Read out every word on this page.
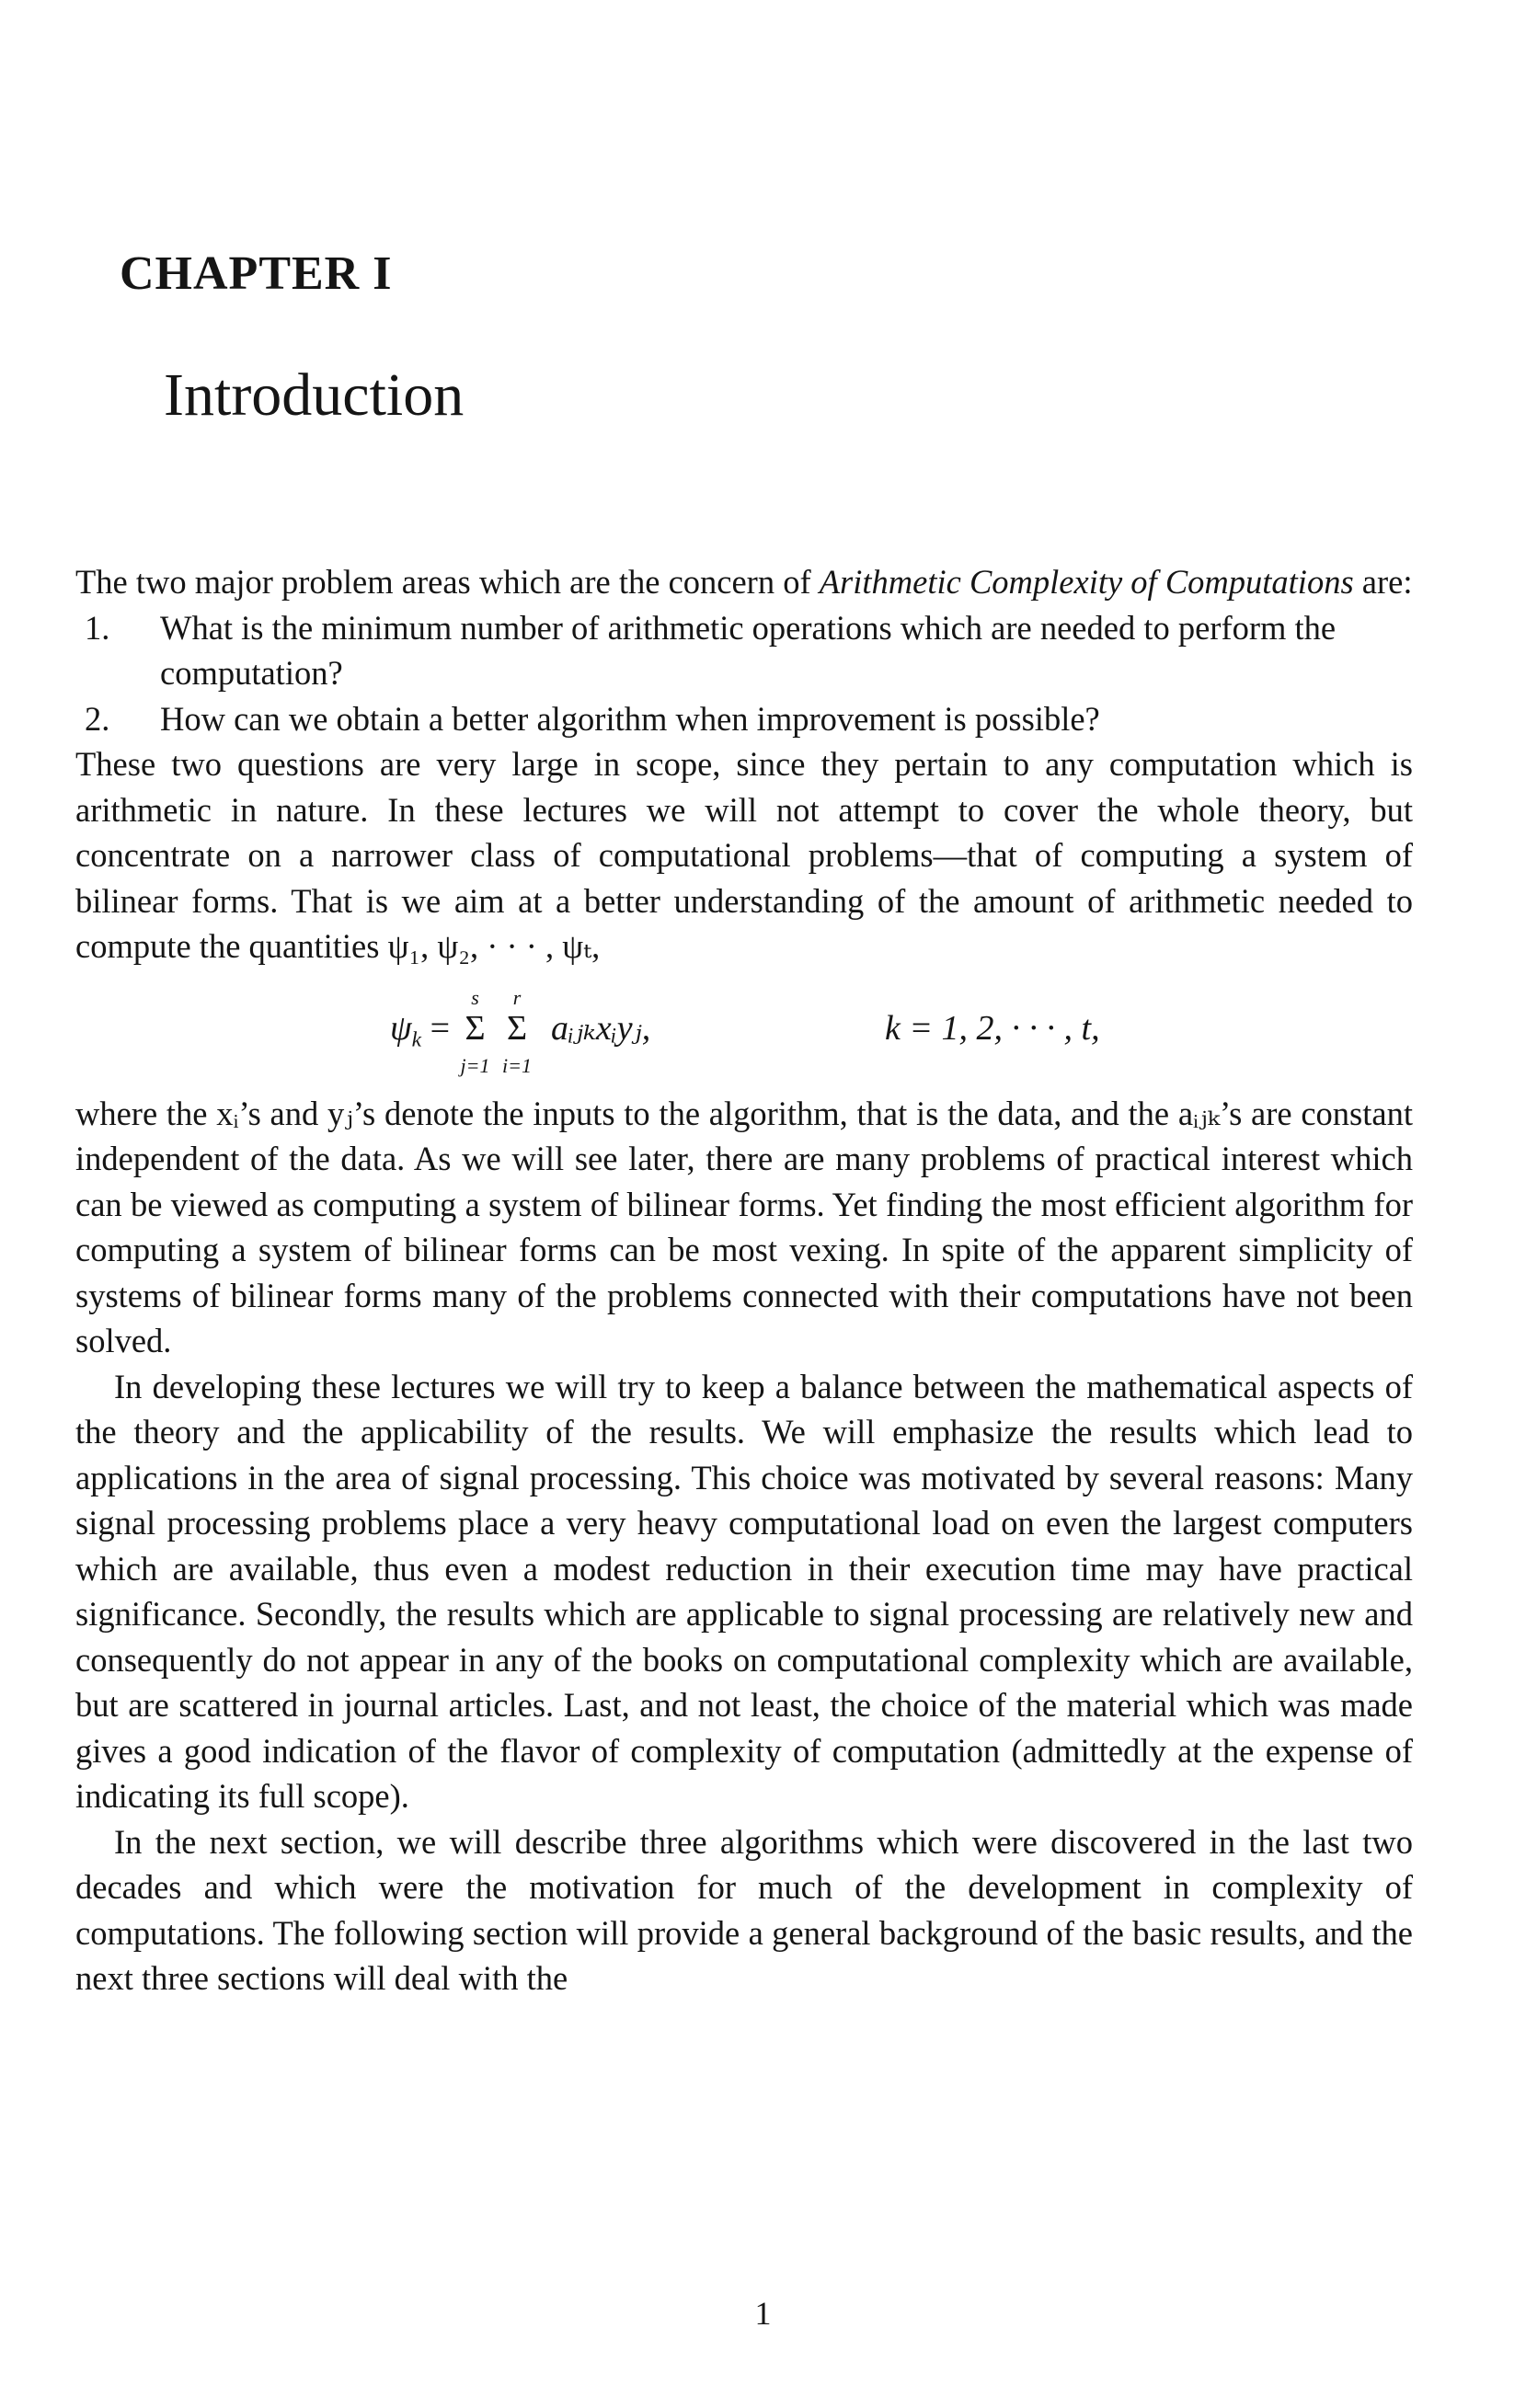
CHAPTER I
Introduction

The two major problem areas which are the concern of Arithmetic Complexity of Computations are:

1.	What is the minimum number of arithmetic operations which are needed to perform the computation?
2.	How can we obtain a better algorithm when improvement is possible?

These two questions are very large in scope, since they pertain to any computation which is arithmetic in nature. In these lectures we will not attempt to cover the whole theory, but concentrate on a narrower class of computational problems—that of computing a system of bilinear forms. That is we aim at a better understanding of the amount of arithmetic needed to compute the quantities ψ₁, ψ₂, · · · , ψₜ,

ψk =
s
Σ
j=1

r
Σ
i=1
aᵢⱼₖxᵢyⱼ,	k = 1, 2, · · · , t,

where the xᵢ’s and yⱼ’s denote the inputs to the algorithm, that is the data, and the aᵢⱼₖ’s are constant independent of the data. As we will see later, there are many problems of practical interest which can be viewed as computing a system of bilinear forms. Yet finding the most efficient algorithm for computing a system of bilinear forms can be most vexing. In spite of the apparent simplicity of systems of bilinear forms many of the problems connected with their computations have not been solved.

In developing these lectures we will try to keep a balance between the mathematical aspects of the theory and the applicability of the results. We will emphasize the results which lead to applications in the area of signal processing. This choice was motivated by several reasons: Many signal processing problems place a very heavy computational load on even the largest computers which are available, thus even a modest reduction in their execution time may have practical significance. Secondly, the results which are applicable to signal processing are relatively new and consequently do not appear in any of the books on computational complexity which are available, but are scattered in journal articles. Last, and not least, the choice of the material which was made gives a good indication of the flavor of complexity of computation (admittedly at the expense of indicating its full scope).

In the next section, we will describe three algorithms which were discovered in the last two decades and which were the motivation for much of the development in complexity of computations. The following section will provide a general background of the basic results, and the next three sections will deal with the

1
